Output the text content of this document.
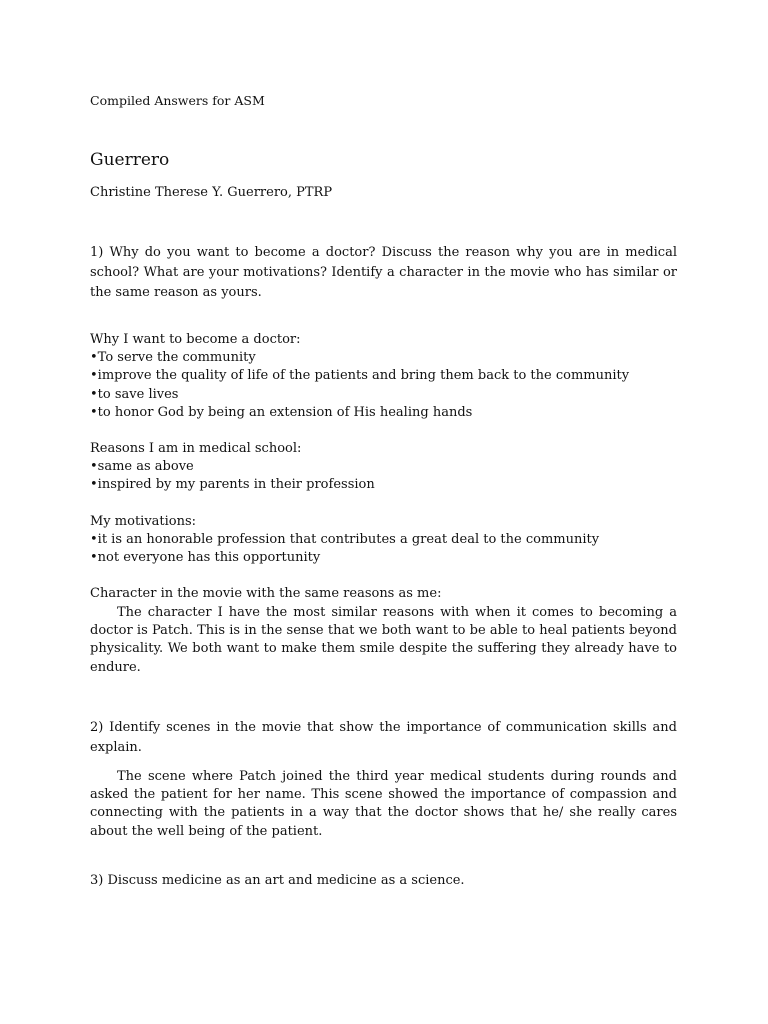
Compiled Answers for ASM

Guerrero

Christine Therese Y. Guerrero, PTRP

1) Why do you want to become a doctor? Discuss the reason why you are in medical school? What are your motivations? Identify a character in the movie who has similar or the same reason as yours.

Why I want to become a doctor:
•To serve the community
•improve the quality of life of the patients and bring them back to the community
•to save lives
•to honor God by being an extension of His healing hands
Reasons I am in medical school:
•same as above
•inspired by my parents in their profession
My motivations:
•it is an honorable profession that contributes a great deal to the community
•not everyone has this opportunity
Character in the movie with the same reasons as me:

The character I have the most similar reasons with when it comes to becoming a doctor is Patch. This is in the sense that we both want to be able to heal patients beyond physicality. We both want to make them smile despite the suffering they already have to endure.

2) Identify scenes in the movie that show the importance of communication skills and explain.

The scene where Patch joined the third year medical students during rounds and asked the patient for her name. This scene showed the importance of compassion and connecting with the patients in a way that the doctor shows that he/ she really cares about the well being of the patient.

3) Discuss medicine as an art and medicine as a science.
